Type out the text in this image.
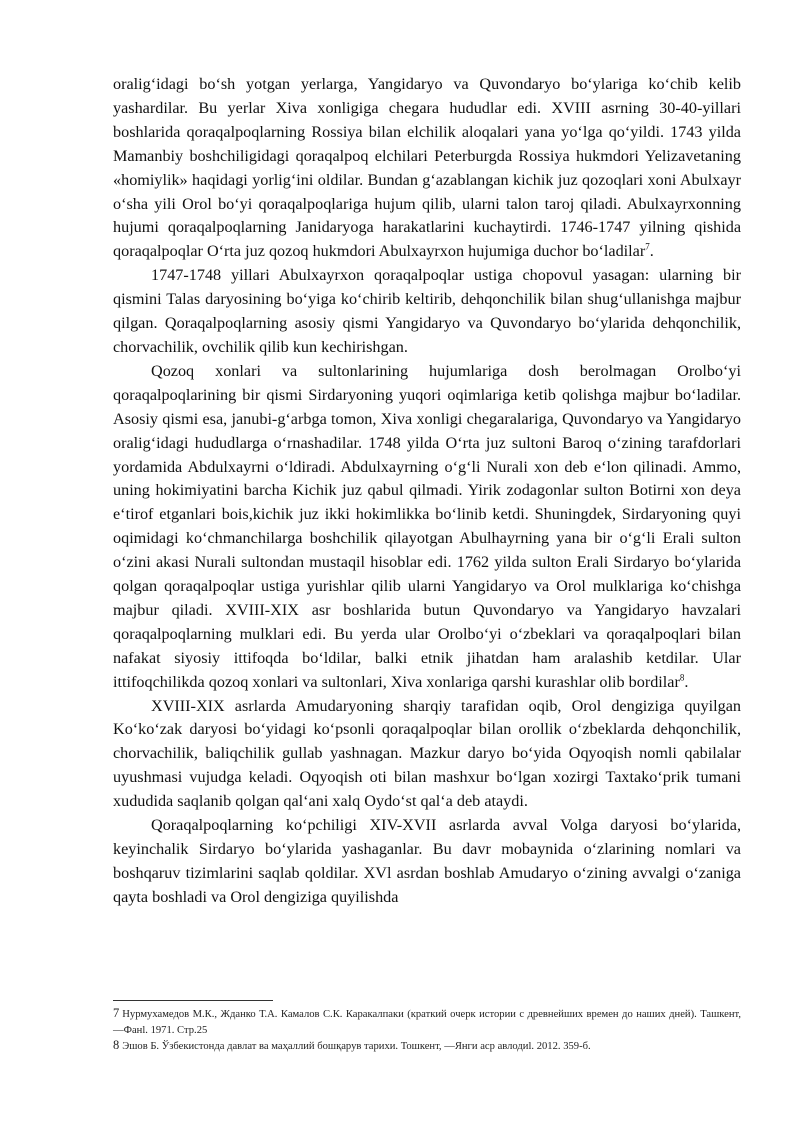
oralig‘idagi bo‘sh yotgan yerlarga, Yangidaryo va Quvondaryo bo‘ylariga ko‘chib kelib yashardilar. Bu yerlar Xiva xonligiga chegara hududlar edi. XVIII asrning 30-40-yillari boshlarida qoraqalpoqlarning Rossiya bilan elchilik aloqalari yana yo‘lga qo‘yildi. 1743 yilda Mamanbiy boshchiligidagi qoraqalpoq elchilari Peterburgda Rossiya hukmdori Yelizavetaning «homiylik» haqidagi yorlig‘ini oldilar. Bundan g‘azablangan kichik juz qozoqlari xoni Abulxayr o‘sha yili Orol bo‘yi qoraqalpoqlariga hujum qilib, ularni talon taroj qiladi. Abulxayrxonning hujumi qoraqalpoqlarning Janidaryoga harakatlarini kuchaytirdi. 1746-1747 yilning qishida qoraqalpoqlar O‘rta juz qozoq hukmdori Abulxayrxon hujumiga duchor bo‘ladilar$^7$.

1747-1748 yillari Abulxayrxon qoraqalpoqlar ustiga chopovul yasagan: ularning bir qismini Talas daryosining bo‘yiga ko‘chirib keltirib, dehqonchilik bilan shug‘ullanishga majbur qilgan. Qoraqalpoqlarning asosiy qismi Yangidaryo va Quvondaryo bo‘ylarida dehqonchilik, chorvachilik, ovchilik qilib kun kechirishgan.

Qozoq xonlari va sultonlarining hujumlariga dosh berolmagan Orolbo‘yi qoraqalpoqlarining bir qismi Sirdaryoning yuqori oqimlariga ketib qolishga majbur bo‘ladilar. Asosiy qismi esa, janubi-g‘arbga tomon, Xiva xonligi chegaralariga, Quvondaryo va Yangidaryo oralig‘idagi hududlarga o‘rnashadilar. 1748 yilda O‘rta juz sultoni Baroq o‘zining tarafdorlari yordamida Abdulxayrni o‘ldiradi. Abdulxayrning o‘g‘li Nurali xon deb e‘lon qilinadi. Ammo, uning hokimiyatini barcha Kichik juz qabul qilmadi. Yirik zodagonlar sulton Botirni xon deya e‘tirof etganlari bois,kichik juz ikki hokimlikka bo‘linib ketdi. Shuningdek, Sirdaryoning quyi oqimidagi ko‘chmanchilarga boshchilik qilayotgan Abulhayrning yana bir o‘g‘li Erali sulton o‘zini akasi Nurali sultondan mustaqil hisoblar edi. 1762 yilda sulton Erali Sirdaryo bo‘ylarida qolgan qoraqalpoqlar ustiga yurishlar qilib ularni Yangidaryo va Orol mulklariga ko‘chishga majbur qiladi. XVIII-XIX asr boshlarida butun Quvondaryo va Yangidaryo havzalari qoraqalpoqlarning mulklari edi. Bu yerda ular Orolbo‘yi o‘zbeklari va qoraqalpoqlari bilan nafakat siyosiy ittifoqda bo‘ldilar, balki etnik jihatdan ham aralashib ketdilar. Ular ittifoqchilikda qozoq xonlari va sultonlari, Xiva xonlariga qarshi kurashlar olib bordilar$^8$.

XVIII-XIX asrlarda Amudaryoning sharqiy tarafidan oqib, Orol dengiziga quyilgan Ko‘ko‘zak daryosi bo‘yidagi ko‘psonli qoraqalpoqlar bilan orollik o‘zbeklarda dehqonchilik, chorvachilik, baliqchilik gullab yashnagan. Mazkur daryo bo‘yida Oqyoqish nomli qabilalar uyushmasi vujudga keladi. Oqyoqish oti bilan mashxur bo‘lgan xozirgi Taxtako‘prik tumani xududida saqlanib qolgan qal‘ani xalq Oydo‘st qal‘a deb ataydi.

Qoraqalpoqlarning ko‘pchiligi XIV-XVII asrlarda avval Volga daryosi bo‘ylarida, keyinchalik Sirdaryo bo‘ylarida yashaganlar. Bu davr mobaynida o‘zlarining nomlari va boshqaruv tizimlarini saqlab qoldilar. XVl asrdan boshlab Amudaryo o‘zining avvalgi o‘zaniga qayta boshladi va Orol dengiziga quyilishda

7 Нурмухамедов М.К., Жданко Т.А. Камалов С.К. Каракалпаки (краткий очерк истории с древнейших времен до наших дней). Ташкент, —Фанl. 1971. Стр.25

8 Эшов Б. Ўзбекистонда давлат ва маҳаллий бошқарув тарихи. Тошкент, —Янги аср авлодиl. 2012. 359-б.
